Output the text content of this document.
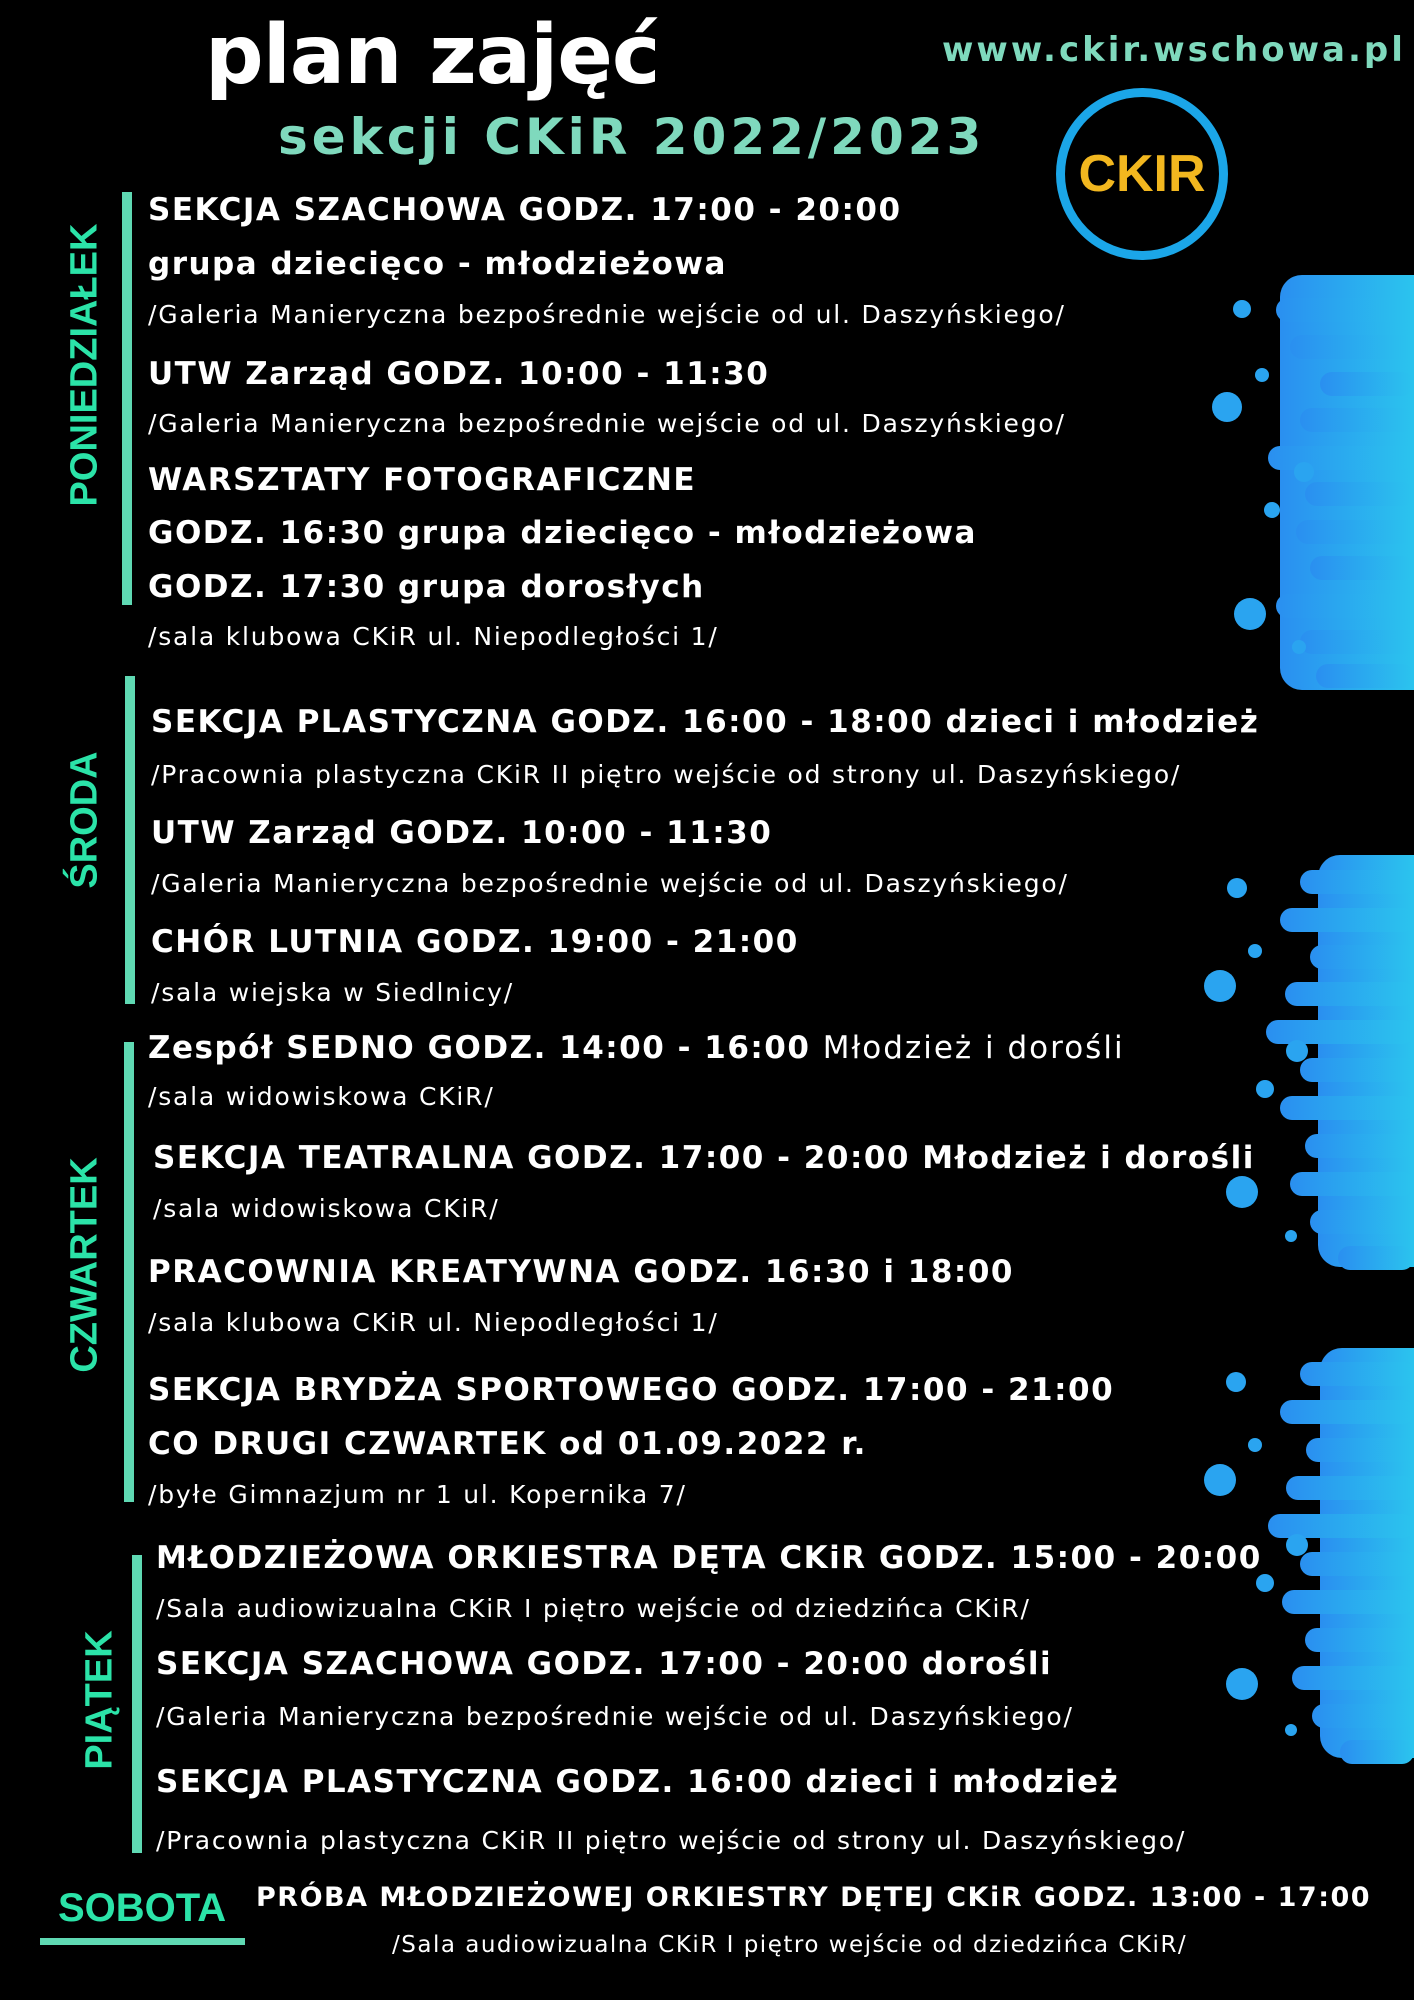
plan zajęć
sekcji CKiR 2022/2023
www.ckir.wschowa.pl
CKIR
PONIEDZIAŁEK
SEKCJA SZACHOWA GODZ. 17:00 - 20:00
grupa dziecięco - młodzieżowa
/Galeria Manieryczna bezpośrednie wejście od ul. Daszyńskiego/
UTW Zarząd GODZ. 10:00 - 11:30
/Galeria Manieryczna bezpośrednie wejście od ul. Daszyńskiego/
WARSZTATY FOTOGRAFICZNE
GODZ. 16:30 grupa dziecięco - młodzieżowa
GODZ. 17:30 grupa dorosłych
/sala klubowa CKiR ul. Niepodległości 1/
ŚRODA
SEKCJA PLASTYCZNA GODZ. 16:00 - 18:00 dzieci i młodzież
/Pracownia plastyczna CKiR II piętro wejście od strony ul. Daszyńskiego/
UTW Zarząd GODZ. 10:00 - 11:30
/Galeria Manieryczna bezpośrednie wejście od ul. Daszyńskiego/
CHÓR LUTNIA GODZ. 19:00 - 21:00
/sala wiejska w Siedlnicy/
CZWARTEK
Zespół SEDNO GODZ. 14:00 - 16:00 Młodzież i dorośli
/sala widowiskowa CKiR/
SEKCJA TEATRALNA GODZ. 17:00 - 20:00 Młodzież i dorośli
/sala widowiskowa CKiR/
PRACOWNIA KREATYWNA GODZ. 16:30 i 18:00
/sala klubowa CKiR ul. Niepodległości 1/
SEKCJA BRYDŻA SPORTOWEGO GODZ. 17:00 - 21:00
CO DRUGI CZWARTEK od 01.09.2022 r.
/byłe Gimnazjum nr 1 ul. Kopernika 7/
PIĄTEK
MŁODZIEŻOWA ORKIESTRA DĘTA CKiR GODZ. 15:00 - 20:00
/Sala audiowizualna CKiR I piętro wejście od dziedzińca CKiR/
SEKCJA SZACHOWA GODZ. 17:00 - 20:00 dorośli
/Galeria Manieryczna bezpośrednie wejście od ul. Daszyńskiego/
SEKCJA PLASTYCZNA GODZ. 16:00 dzieci i młodzież
/Pracownia plastyczna CKiR II piętro wejście od strony ul. Daszyńskiego/
SOBOTA PRÓBA MŁODZIEŻOWEJ ORKIESTRY DĘTEJ CKiR GODZ. 13:00 - 17:00
/Sala audiowizualna CKiR I piętro wejście od dziedzińca CKiR/
